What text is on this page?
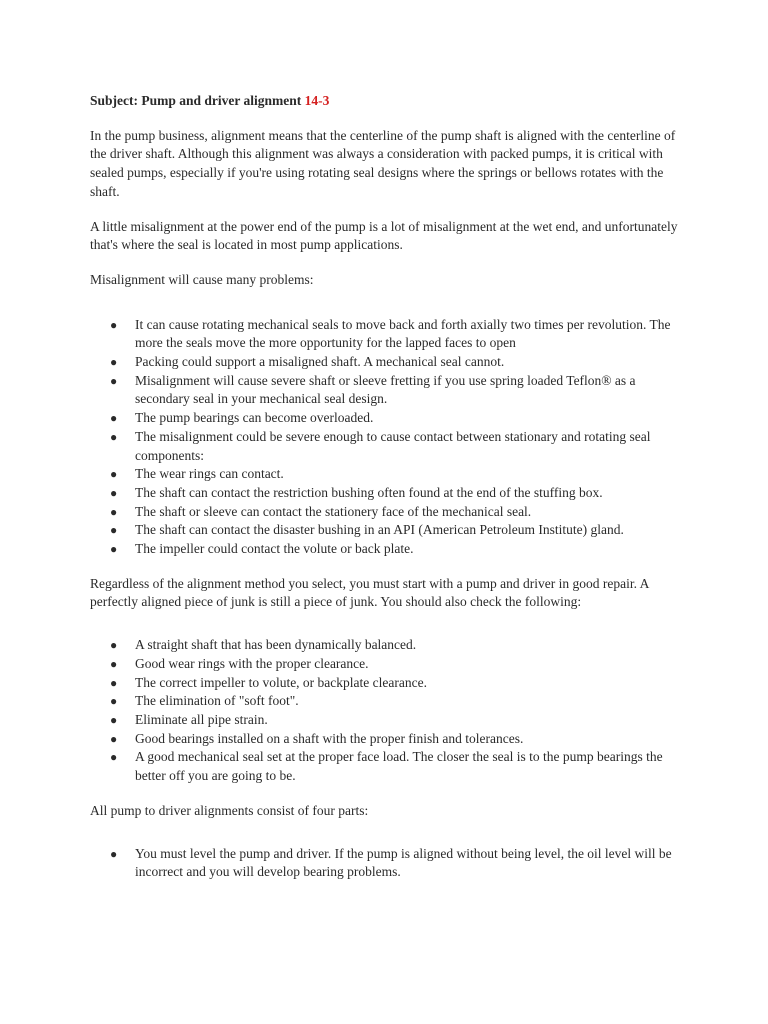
Subject: Pump and driver alignment 14-3

In the pump business, alignment means that the centerline of the pump shaft is aligned with the centerline of the driver shaft. Although this alignment was always a consideration with packed pumps, it is critical with sealed pumps, especially if you're using rotating seal designs where the springs or bellows rotates with the shaft.

A little misalignment at the power end of the pump is a lot of misalignment at the wet end, and unfortunately that's where the seal is located in most pump applications.

Misalignment will cause many problems:

● It can cause rotating mechanical seals to move back and forth axially two times per revolution. The more the seals move the more opportunity for the lapped faces to open
● Packing could support a misaligned shaft. A mechanical seal cannot.
● Misalignment will cause severe shaft or sleeve fretting if you use spring loaded Teflon® as a secondary seal in your mechanical seal design.
● The pump bearings can become overloaded.
● The misalignment could be severe enough to cause contact between stationary and rotating seal components:
● The wear rings can contact.
● The shaft can contact the restriction bushing often found at the end of the stuffing box.
● The shaft or sleeve can contact the stationery face of the mechanical seal.
● The shaft can contact the disaster bushing in an API (American Petroleum Institute) gland.
● The impeller could contact the volute or back plate.

Regardless of the alignment method you select, you must start with a pump and driver in good repair. A perfectly aligned piece of junk is still a piece of junk. You should also check the following:

● A straight shaft that has been dynamically balanced.
● Good wear rings with the proper clearance.
● The correct impeller to volute, or backplate clearance.
● The elimination of "soft foot".
● Eliminate all pipe strain.
● Good bearings installed on a shaft with the proper finish and tolerances.
● A good mechanical seal set at the proper face load. The closer the seal is to the pump bearings the better off you are going to be.

All pump to driver alignments consist of four parts:

● You must level the pump and driver. If the pump is aligned without being level, the oil level will be incorrect and you will develop bearing problems.
